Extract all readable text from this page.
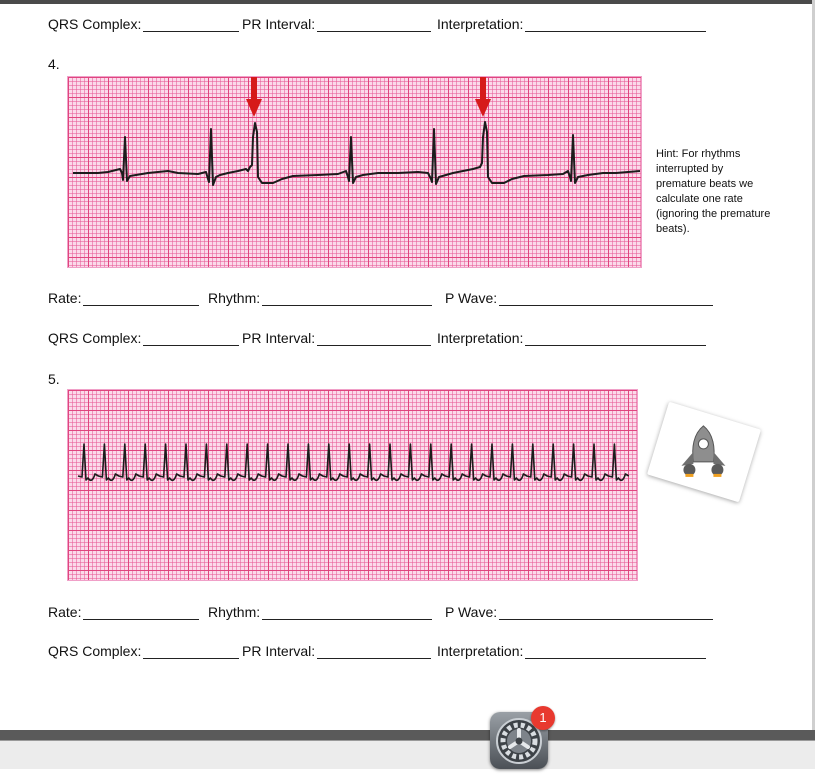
QRS Complex:	PR Interval:	Interpretation:
4.
Hint: For rhythms interrupted by premature beats we calculate one rate (ignoring the premature beats).
Rate:	Rhythm:	P Wave:
QRS Complex:	PR Interval:	Interpretation:
5.
Rate:	Rhythm:	P Wave:
QRS Complex:	PR Interval:	Interpretation:
1
